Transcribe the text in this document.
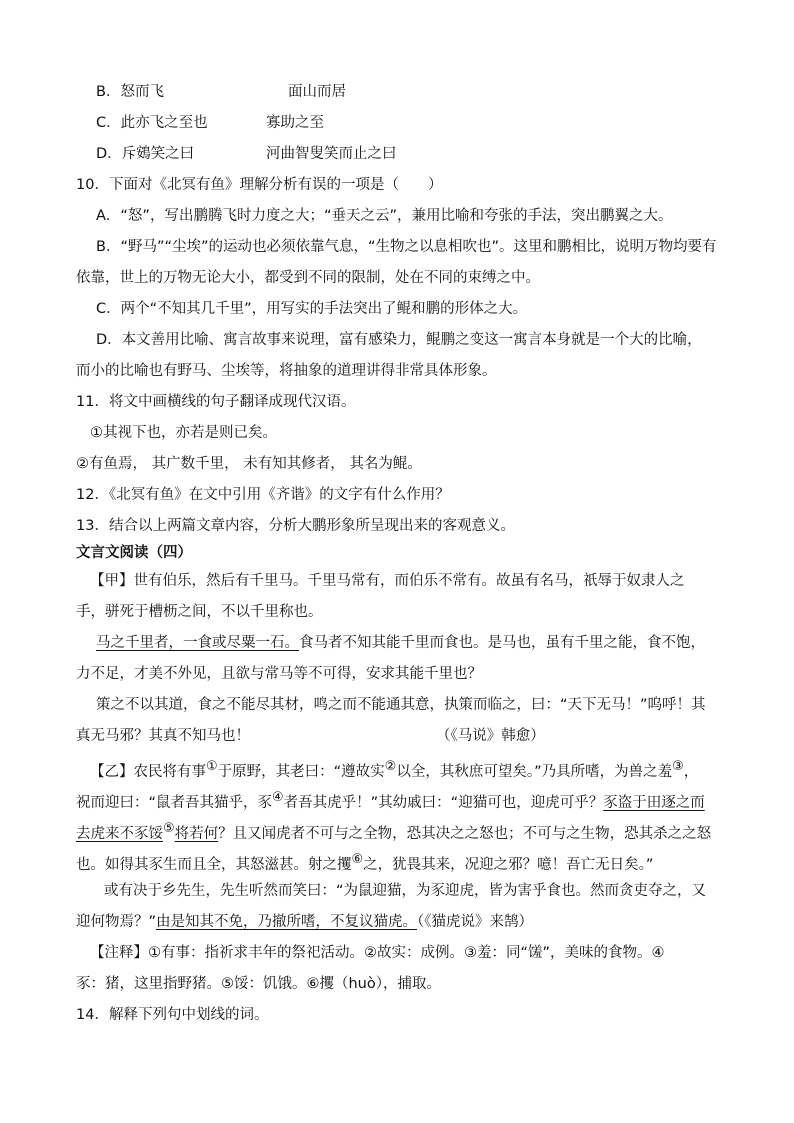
B．怒而飞	面山而居
C．此亦飞之至也	寡助之至
D．斥鴳笑之曰	河曲智叟笑而止之曰
10．下面对《北冥有鱼》理解分析有误的一项是（　　）
A．“怒”，写出鹏腾飞时力度之大；“垂天之云”，兼用比喻和夸张的手法，突出鹏翼之大。
B．“野马”“尘埃”的运动也必须依靠气息，“生物之以息相吹也”。这里和鹏相比，说明万物均要有
依靠，世上的万物无论大小，都受到不同的限制，处在不同的束缚之中。
C．两个“不知其几千里”，用写实的手法突出了鲲和鹏的形体之大。
D．本文善用比喻、寓言故事来说理，富有感染力，鲲鹏之变这一寓言本身就是一个大的比喻，
而小的比喻也有野马、尘埃等，将抽象的道理讲得非常具体形象。
11．将文中画横线的句子翻译成现代汉语。
①其视下也，亦若是则已矣。
②有鱼焉， 其广数千里， 未有知其修者， 其名为鲲。
12．《北冥有鱼》在文中引用《齐谐》的文字有什么作用？
13．结合以上两篇文章内容，分析大鹏形象所呈现出来的客观意义。
文言文阅读（四）
【甲】世有伯乐，然后有千里马。千里马常有，而伯乐不常有。故虽有名马，祇辱于奴隶人之
手，骈死于槽枥之间，不以千里称也。
马之千里者，一食或尽粟一石。食马者不知其能千里而食也。是马也，虽有千里之能，食不饱，
力不足，才美不外见，且欲与常马等不可得，安求其能千里也？
策之不以其道，食之不能尽其材，鸣之而不能通其意，执策而临之，曰：“天下无马！”呜呼！其
真无马邪？其真不知马也！	（《马说》韩愈）
【乙】农民将有事①于原野，其老曰：“遵故实②以全，其秋庶可望矣。”乃具所嗜，为兽之羞③，
祝而迎曰：“鼠者吾其猫乎，豕④者吾其虎乎！”其幼戚曰：“迎猫可也，迎虎可乎？豕盗于田逐之而
去虎来不豕馁⑤将若何？且又闻虎者不可与之全物，恐其决之之怒也；不可与之生物，恐其杀之之怒
也。如得其豕生而且全，其怒滋甚。射之攫⑥之，犹畏其来，况迎之邪？噫！吾亡无日矣。”
或有决于乡先生，先生听然而笑曰：“为鼠迎猫，为豕迎虎，皆为害乎食也。然而贪吏夺之，又
迎何物焉？”由是知其不免，乃撤所嗜，不复议猫虎。（《猫虎说》来鹄）
【注释】①有事：指祈求丰年的祭祀活动。②故实：成例。③羞：同“馐”，美味的食物。④
豕：猪，这里指野猪。⑤馁：饥饿。⑥攫（huò），捕取。
14．解释下列句中划线的词。
